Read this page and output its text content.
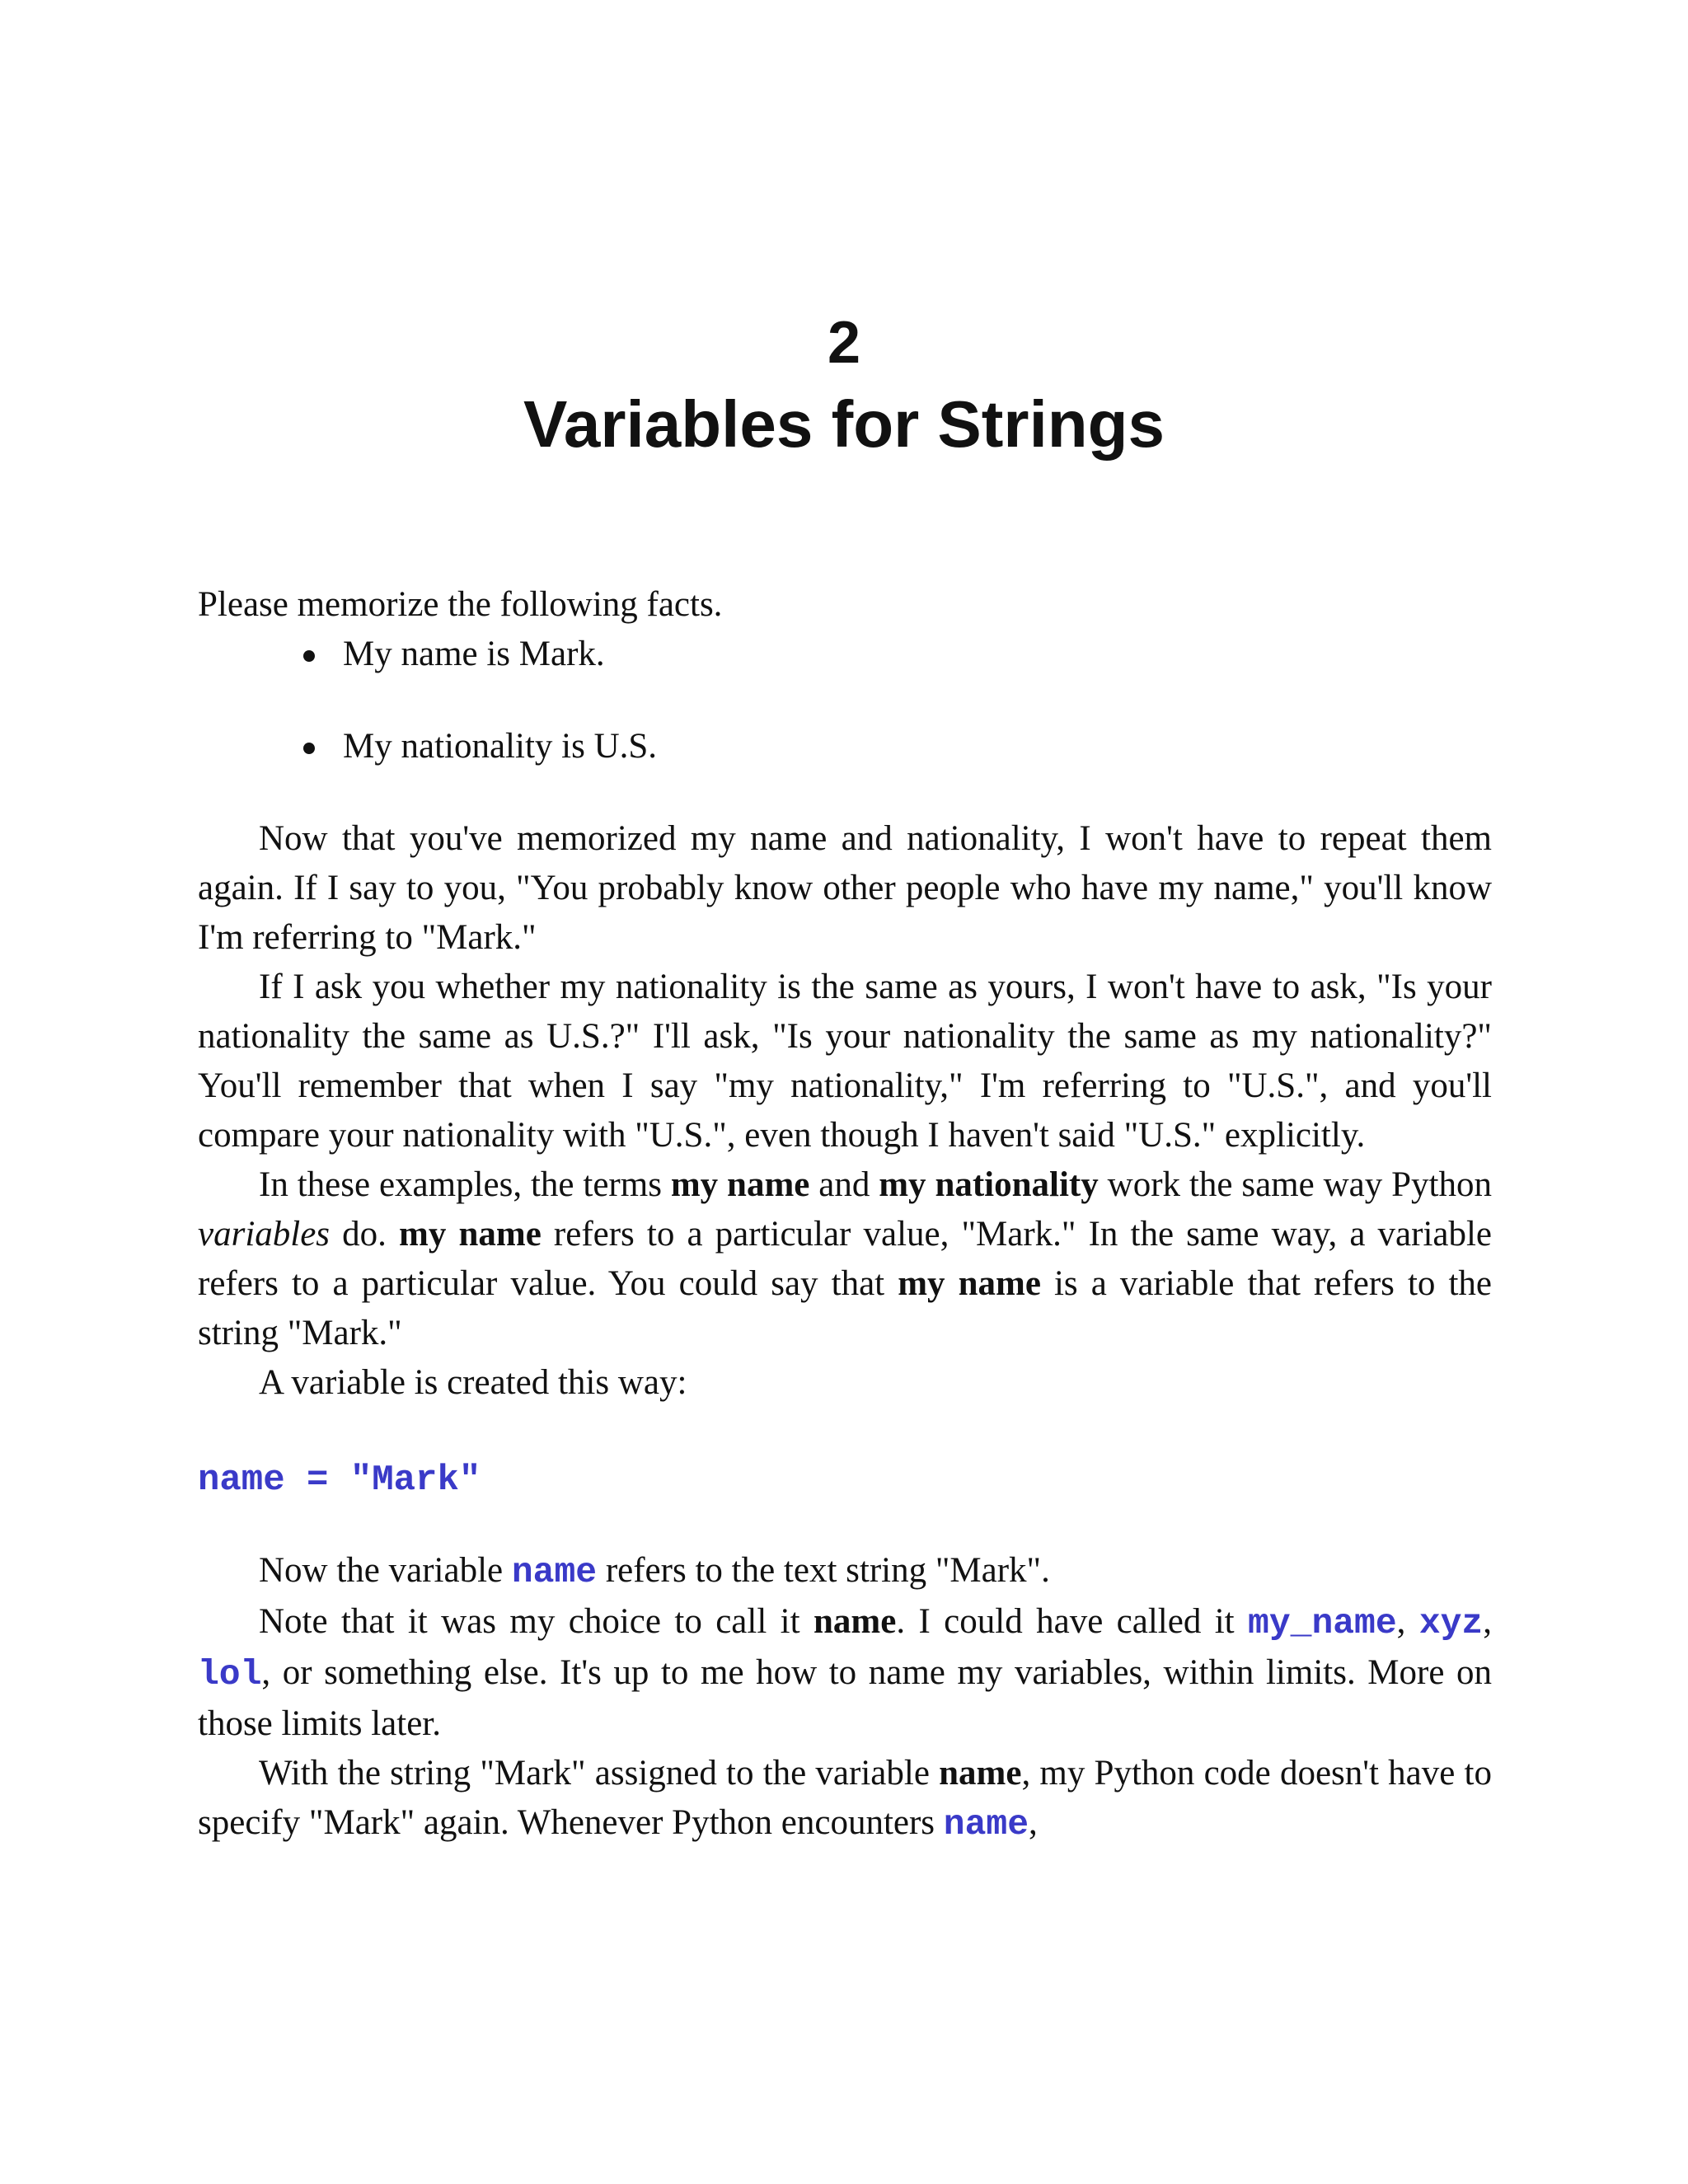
2
Variables for Strings

Please memorize the following facts.

My name is Mark.
My nationality is U.S.

Now that you've memorized my name and nationality, I won't have to repeat them again. If I say to you, "You probably know other people who have my name," you'll know I'm referring to "Mark."

If I ask you whether my nationality is the same as yours, I won't have to ask, "Is your nationality the same as U.S.?" I'll ask, "Is your nationality the same as my nationality?" You'll remember that when I say "my nationality," I'm referring to "U.S.", and you'll compare your nationality with "U.S.", even though I haven't said "U.S." explicitly.

In these examples, the terms my name and my nationality work the same way Python variables do. my name refers to a particular value, "Mark." In the same way, a variable refers to a particular value. You could say that my name is a variable that refers to the string "Mark."

A variable is created this way:

name = "Mark"

Now the variable name refers to the text string "Mark".

Note that it was my choice to call it name. I could have called it my_name, xyz, lol, or something else. It's up to me how to name my variables, within limits. More on those limits later.

With the string "Mark" assigned to the variable name, my Python code doesn't have to specify "Mark" again. Whenever Python encounters name,
